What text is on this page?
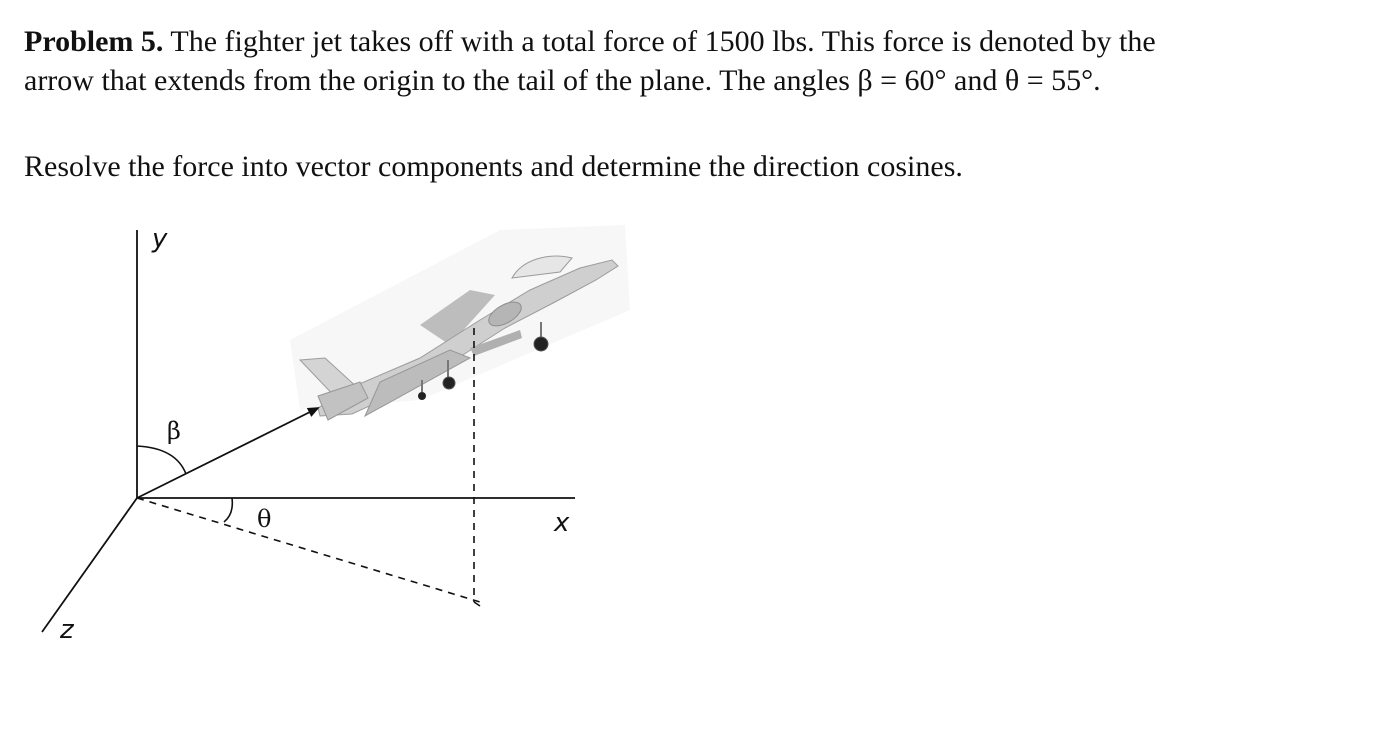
Problem 5. The fighter jet takes off with a total force of 1500 lbs. This force is denoted by the

arrow that extends from the origin to the tail of the plane. The angles β = 60° and θ = 55°.

Resolve the force into vector components and determine the direction cosines.

y
x
z
β
θ
